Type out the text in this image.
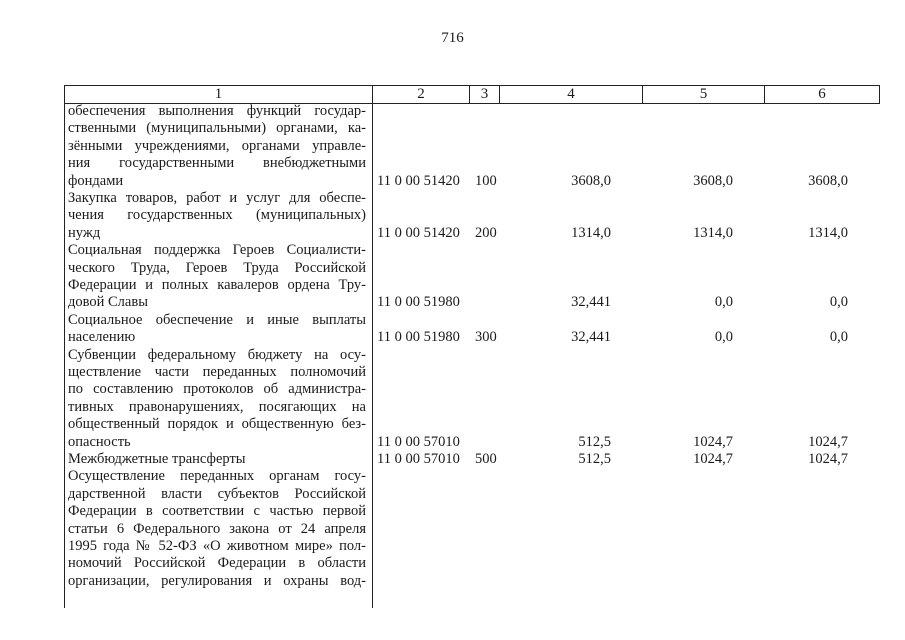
716
1	2	3	4	5	6
обеспечения выполнения функций государ-
ственными (муниципальными) органами, ка-
зёнными учреждениями, органами управле-
ния государственными внебюджетными
фондами	11 0 00 51420 100	3608,0	3608,0	3608,0
Закупка товаров, работ и услуг для обеспе-
чения государственных (муниципальных)
нужд	11 0 00 51420 200	1314,0	1314,0	1314,0
Социальная поддержка Героев Социалисти-
ческого Труда, Героев Труда Российской
Федерации и полных кавалеров ордена Тру-
довой Славы	11 0 00 51980	32,441	0,0	0,0
Социальное обеспечение и иные выплаты
населению	11 0 00 51980 300	32,441	0,0	0,0
Субвенции федеральному бюджету на осу-
ществление части переданных полномочий
по составлению протоколов об администра-
тивных правонарушениях, посягающих на
общественный порядок и общественную без-
опасность	11 0 00 57010	512,5	1024,7	1024,7
Межбюджетные трансферты	11 0 00 57010 500	512,5	1024,7	1024,7
Осуществление переданных органам госу-
дарственной власти субъектов Российской
Федерации в соответствии с частью первой
статьи 6 Федерального закона от 24 апреля
1995 года № 52-ФЗ «О животном мире» пол-
номочий Российской Федерации в области
организации, регулирования и охраны вод-
